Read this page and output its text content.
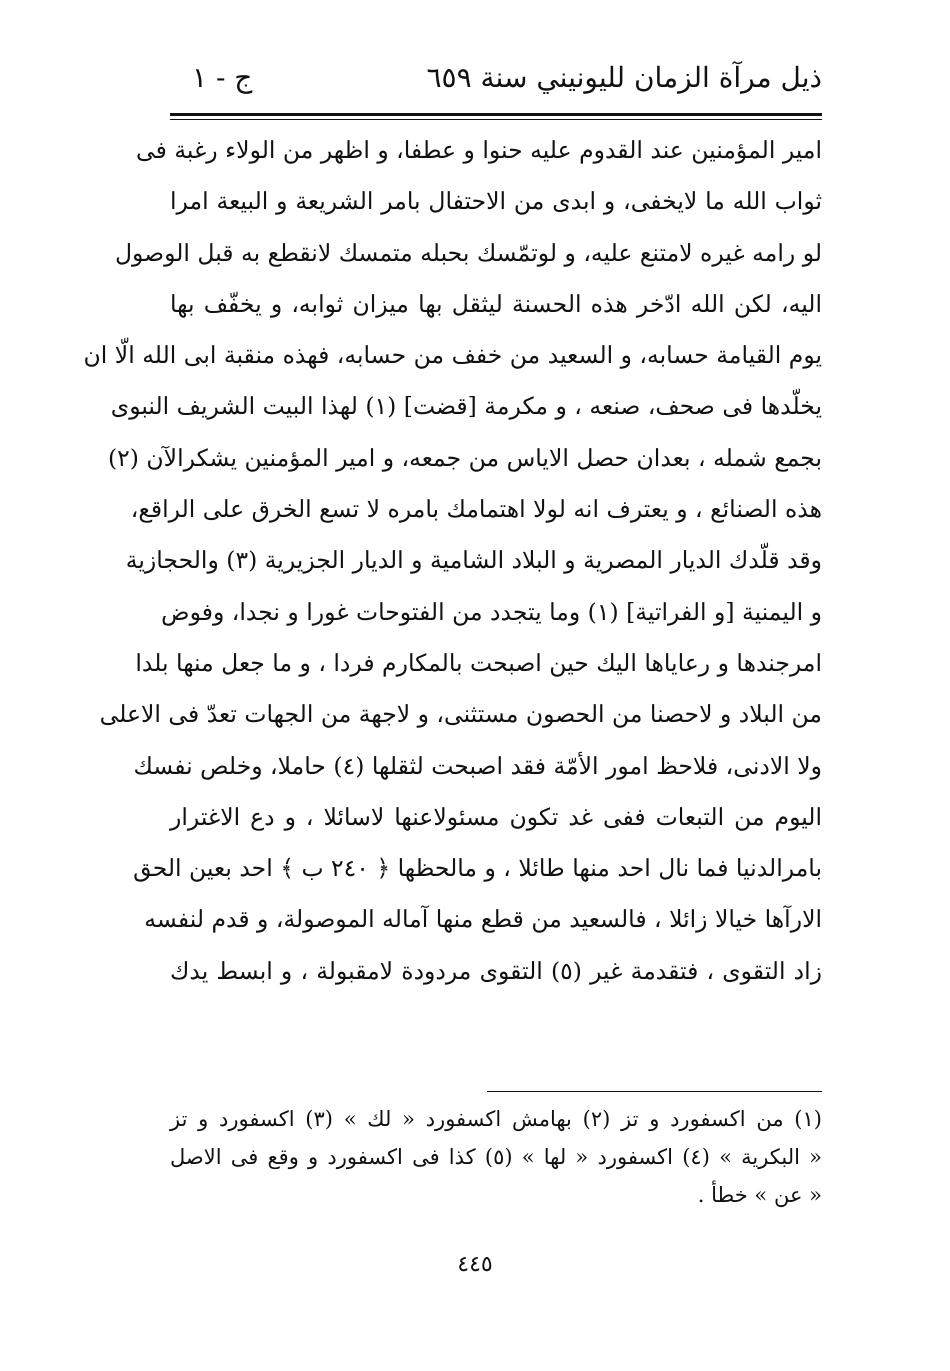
ذيل مرآة الزمان لليونيني سنة ٦٥٩
ج - ١
امير المؤمنين عند القدوم عليه حنوا و عطفا، و اظهر من الولاء رغبة فى
ثواب الله ما لايخفى، و ابدى من الاحتفال بامر الشريعة و البيعة امرا
لو رامه غيره لامتنع عليه، و لوتمّسك بحبله متمسك لانقطع به قبل الوصول
اليه، لكن الله ادّخر هذه الحسنة ليثقل بها ميزان ثوابه، و يخفّف بها
يوم القيامة حسابه، و السعيد من خفف من حسابه، فهذه منقبة ابى الله الّا ان
يخلّدها فى صحف، صنعه ، و مكرمة [قضت] (١) لهذا البيت الشريف النبوى
بجمع شمله ، بعدان حصل الاياس من جمعه، و امير المؤمنين يشكرالآن (٢)
هذه الصنائع ، و يعترف انه لولا اهتمامك بامره لا تسع الخرق على الراقع،
وقد قلّدك الديار المصرية و البلاد الشامية و الديار الجزيرية (٣) والحجازية
و اليمنية [و الفراتية] (١) وما يتجدد من الفتوحات غورا و نجدا، وفوض
امرجندها و رعاياها اليك حين اصبحت بالمكارم فردا ، و ما جعل منها بلدا
من البلاد و لاحصنا من الحصون مستثنى، و لاجهة من الجهات تعدّ فى الاعلى
ولا الادنى، فلاحظ امور الأمّة فقد اصبحت لثقلها (٤) حاملا، وخلص نفسك
اليوم من التبعات ففى غد تكون مسئولاعنها لاسائلا ، و دع الاغترار
بامرالدنيا فما نال احد منها طائلا ، و مالحظها ﴿ ٢٤٠ ب ﴾ احد بعين الحق
الارآها خيالا زائلا ، فالسعيد من قطع منها آماله الموصولة، و قدم لنفسه
زاد التقوى ، فتقدمة غير (٥) التقوى مردودة لامقبولة ، و ابسط يدك
(١) من اكسفورد و تز (٢) بهامش اكسفورد « لك » (٣) اكسفورد و تز
« البكرية » (٤) اكسفورد « لها » (٥) كذا فى اكسفورد و وقع فى الاصل
« عن » خطأ .
٤٤٥
